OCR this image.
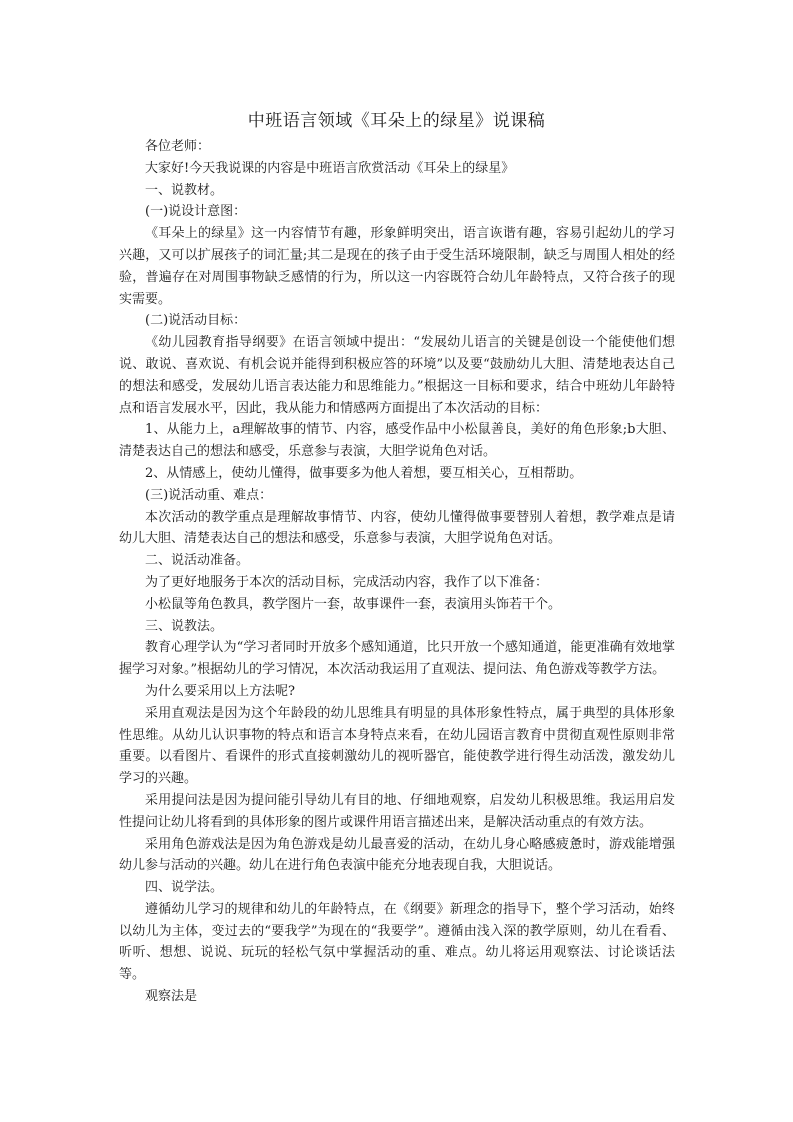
中班语言领域《耳朵上的绿星》说课稿

各位老师：

大家好!今天我说课的内容是中班语言欣赏活动《耳朵上的绿星》

一、说教材。

(一)说设计意图：

《耳朵上的绿星》这一内容情节有趣，形象鲜明突出，语言诙谐有趣，容易引起幼儿的学习兴趣，又可以扩展孩子的词汇量;其二是现在的孩子由于受生活环境限制，缺乏与周围人相处的经验，普遍存在对周围事物缺乏感情的行为，所以这一内容既符合幼儿年龄特点，又符合孩子的现实需要。

(二)说活动目标：

《幼儿园教育指导纲要》在语言领域中提出：“发展幼儿语言的关键是创设一个能使他们想说、敢说、喜欢说、有机会说并能得到积极应答的环境”以及要“鼓励幼儿大胆、清楚地表达自己的想法和感受，发展幼儿语言表达能力和思维能力。”根据这一目标和要求，结合中班幼儿年龄特点和语言发展水平，因此，我从能力和情感两方面提出了本次活动的目标：

1、从能力上，a理解故事的情节、内容，感受作品中小松鼠善良，美好的角色形象;b大胆、清楚表达自己的想法和感受，乐意参与表演，大胆学说角色对话。

2、从情感上，使幼儿懂得，做事要多为他人着想，要互相关心，互相帮助。

(三)说活动重、难点：

本次活动的教学重点是理解故事情节、内容，使幼儿懂得做事要替别人着想，教学难点是请幼儿大胆、清楚表达自己的想法和感受，乐意参与表演，大胆学说角色对话。

二、说活动准备。

为了更好地服务于本次的活动目标，完成活动内容，我作了以下准备：

小松鼠等角色教具，教学图片一套，故事课件一套，表演用头饰若干个。

三、说教法。

教育心理学认为“学习者同时开放多个感知通道，比只开放一个感知通道，能更准确有效地掌握学习对象。”根据幼儿的学习情况，本次活动我运用了直观法、提问法、角色游戏等教学方法。

为什么要采用以上方法呢?

采用直观法是因为这个年龄段的幼儿思维具有明显的具体形象性特点，属于典型的具体形象性思维。从幼儿认识事物的特点和语言本身特点来看，在幼儿园语言教育中贯彻直观性原则非常重要。以看图片、看课件的形式直接刺激幼儿的视听器官，能使教学进行得生动活泼，激发幼儿学习的兴趣。

采用提问法是因为提问能引导幼儿有目的地、仔细地观察，启发幼儿积极思维。我运用启发性提问让幼儿将看到的具体形象的图片或课件用语言描述出来，是解决活动重点的有效方法。

采用角色游戏法是因为角色游戏是幼儿最喜爱的活动，在幼儿身心略感疲惫时，游戏能增强幼儿参与活动的兴趣。幼儿在进行角色表演中能充分地表现自我，大胆说话。

四、说学法。

遵循幼儿学习的规律和幼儿的年龄特点，在《纲要》新理念的指导下，整个学习活动，始终以幼儿为主体，变过去的“要我学”为现在的“我要学”。遵循由浅入深的教学原则，幼儿在看看、听听、想想、说说、玩玩的轻松气氛中掌握活动的重、难点。幼儿将运用观察法、讨论谈话法等。

观察法是
